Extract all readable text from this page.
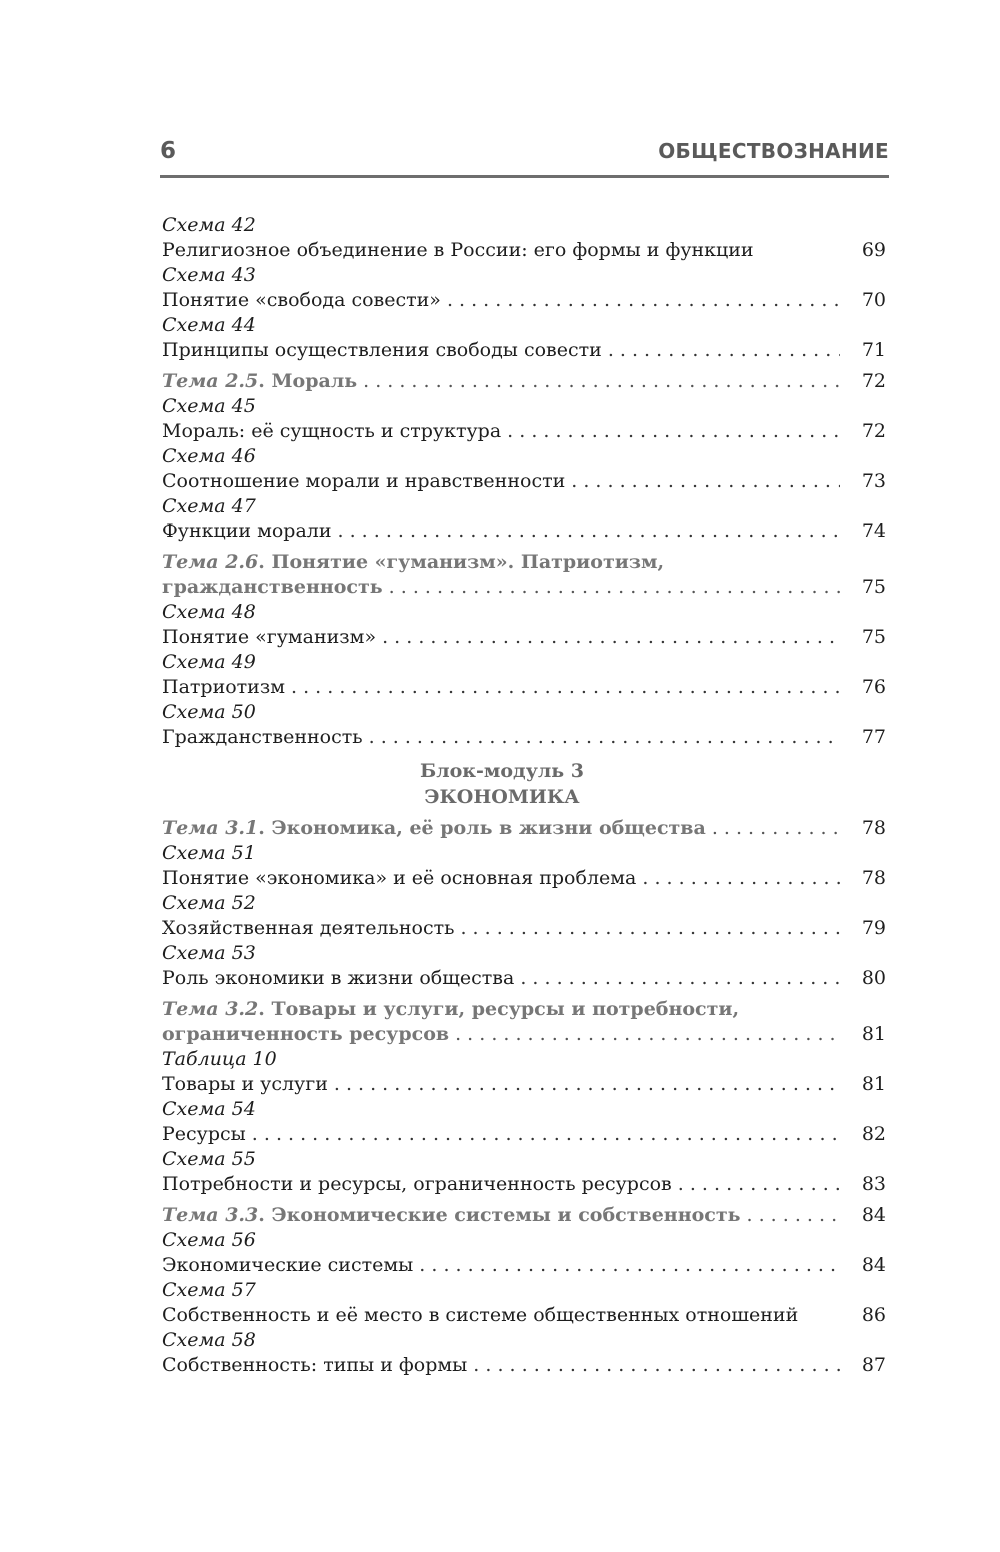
6	ОБЩЕСТВОЗНАНИЕ
Схема 42
Религиозное объединение в России: его формы и функции	69
Схема 43
Понятие «свобода совести» . . .	70
Схема 44
Принципы осуществления свободы совести . . .	71
Тема 2.5. Мораль . . .	72
Схема 45
Мораль: её сущность и структура . . .	72
Схема 46
Соотношение морали и нравственности . . .	73
Схема 47
Функции морали . . .	74
Тема 2.6. Понятие «гуманизм». Патриотизм,
гражданственность . . .	75
Схема 48
Понятие «гуманизм» . . .	75
Схема 49
Патриотизм . . .	76
Схема 50
Гражданственность . . .	77
Блок-модуль 3
ЭКОНОМИКА
Тема 3.1. Экономика, её роль в жизни общества . . .	78
Схема 51
Понятие «экономика» и её основная проблема . . .	78
Схема 52
Хозяйственная деятельность . . .	79
Схема 53
Роль экономики в жизни общества . . .	80
Тема 3.2. Товары и услуги, ресурсы и потребности,
ограниченность ресурсов . . .	81
Таблица 10
Товары и услуги . . .	81
Схема 54
Ресурсы . . .	82
Схема 55
Потребности и ресурсы, ограниченность ресурсов . . .	83
Тема 3.3. Экономические системы и собственность . . .	84
Схема 56
Экономические системы . . .	84
Схема 57
Собственность и её место в системе общественных отношений	86
Схема 58
Собственность: типы и формы . . .	87
